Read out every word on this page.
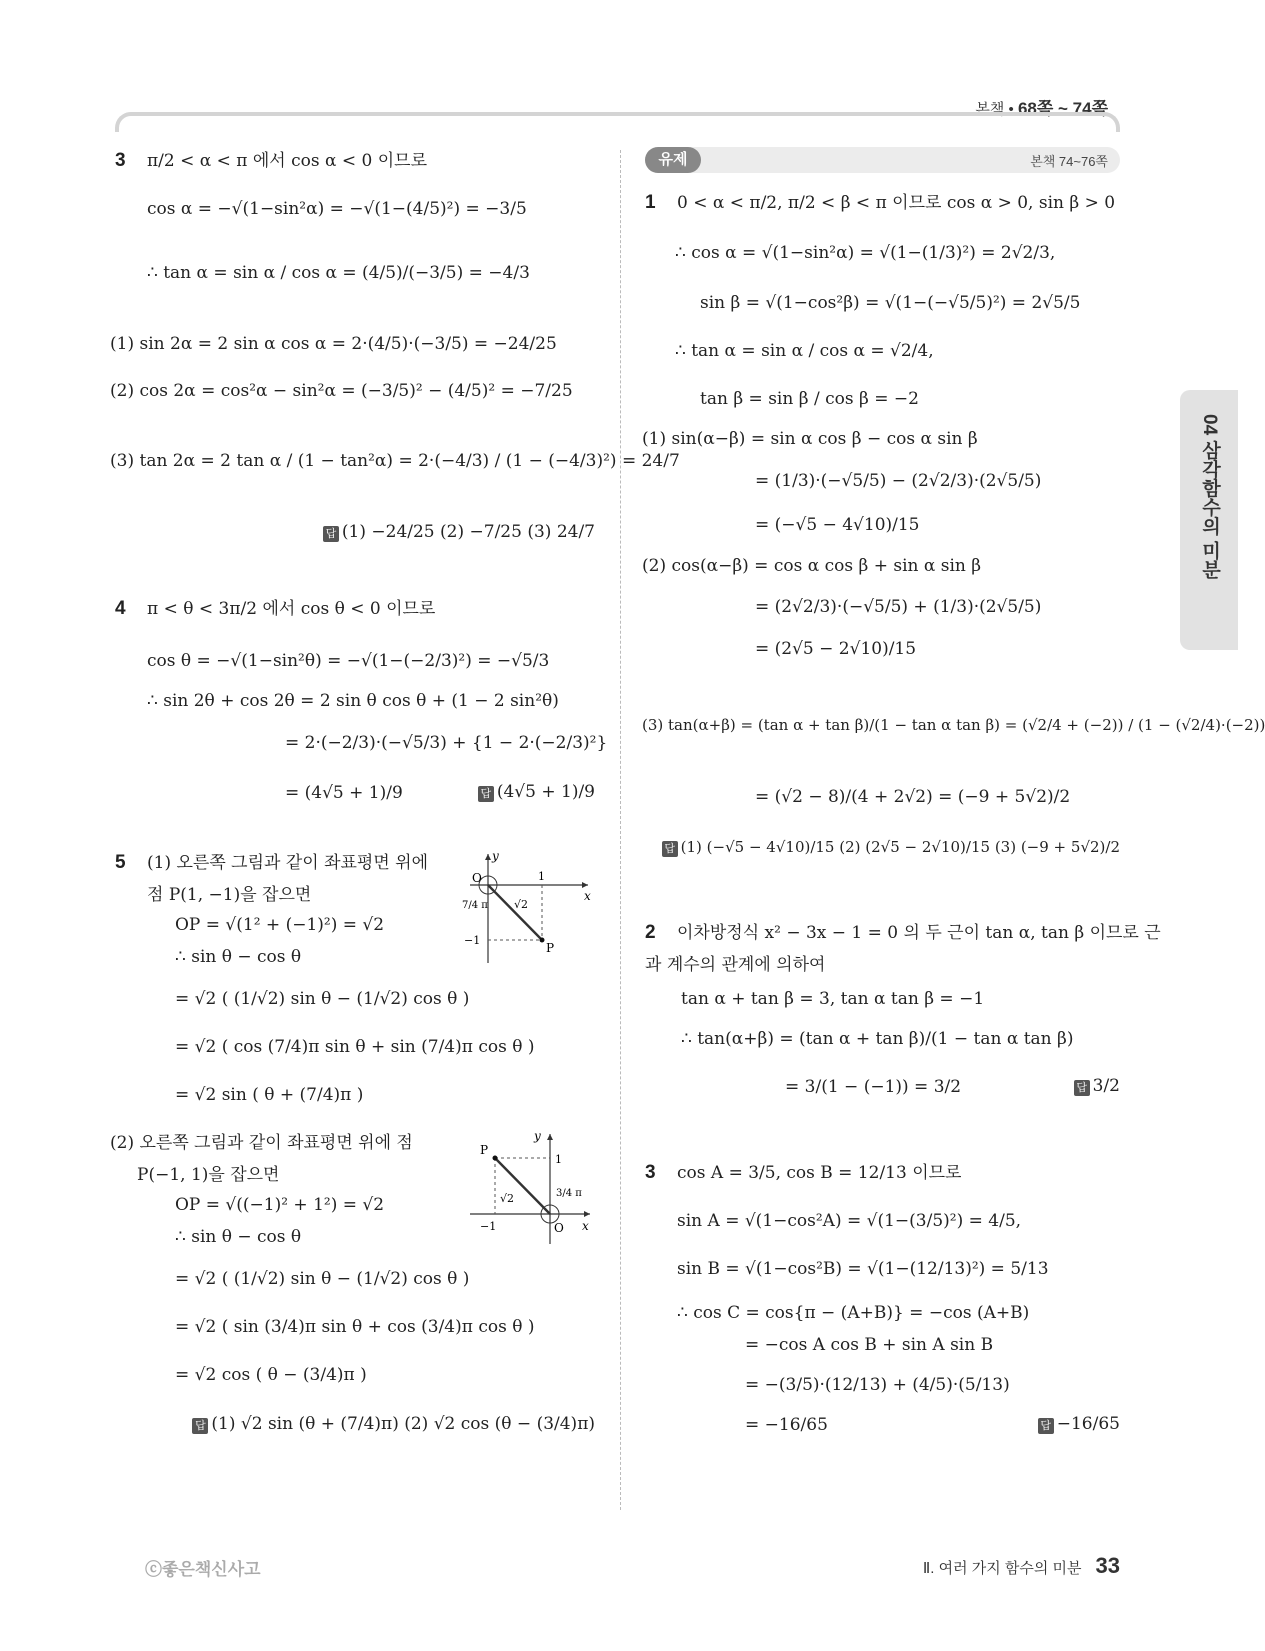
본책 • 68쪽 ~ 74쪽
3 π/2 < α < π 에서 cos α < 0 이므로
cos α = −√(1−sin²α) = −√(1−(4/5)²) = −3/5
∴ tan α = sin α / cos α = (4/5)/(−3/5) = −4/3
(1) sin 2α = 2 sin α cos α = 2·(4/5)·(−3/5) = −24/25
(2) cos 2α = cos²α − sin²α = (−3/5)² − (4/5)² = −7/25
(3) tan 2α = 2 tan α / (1 − tan²α) = 2·(−4/3) / (1 − (−4/3)²) = 24/7
답 (1) −24/25 (2) −7/25 (3) 24/7
4 π < θ < 3π/2 에서 cos θ < 0 이므로
cos θ = −√(1−sin²θ) = −√(1−(−2/3)²) = −√5/3
∴ sin 2θ + cos 2θ = 2 sin θ cos θ + (1 − 2 sin²θ)
= 2·(−2/3)·(−√5/3) + {1 − 2·(−2/3)²}
= (4√5 + 1)/9	답 (4√5 + 1)/9
5 (1) 오른쪽 그림과 같이 좌표평면 위에
점 P(1, −1)을 잡으면
OP = √(1² + (−1)²) = √2
∴ sin θ − cos θ
= √2 ( (1/√2) sin θ − (1/√2) cos θ )
= √2 ( cos (7/4)π sin θ + sin (7/4)π cos θ )
= √2 sin ( θ + (7/4)π )
(2) 오른쪽 그림과 같이 좌표평면 위에 점
P(−1, 1)을 잡으면
OP = √((−1)² + 1²) = √2
∴ sin θ − cos θ
= √2 ( (1/√2) sin θ − (1/√2) cos θ )
= √2 ( sin (3/4)π sin θ + cos (3/4)π cos θ )
= √2 cos ( θ − (3/4)π )
답 (1) √2 sin (θ + (7/4)π) (2) √2 cos (θ − (3/4)π)
y
x
O	1
−1
P
7/4 π √2
y
x
O
1
−1
P
3/4 π
√2
유제	본책 74~76쪽
1 0 < α < π/2, π/2 < β < π 이므로 cos α > 0, sin β > 0
∴ cos α = √(1−sin²α) = √(1−(1/3)²) = 2√2/3,
sin β = √(1−cos²β) = √(1−(−√5/5)²) = 2√5/5
∴ tan α = sin α / cos α = √2/4,
tan β = sin β / cos β = −2
(1) sin(α−β) = sin α cos β − cos α sin β
= (1/3)·(−√5/5) − (2√2/3)·(2√5/5)
= (−√5 − 4√10)/15
(2) cos(α−β) = cos α cos β + sin α sin β
= (2√2/3)·(−√5/5) + (1/3)·(2√5/5)
= (2√5 − 2√10)/15
(3) tan(α+β) = (tan α + tan β)/(1 − tan α tan β) = (√2/4 + (−2)) / (1 − (√2/4)·(−2))
= (√2 − 8)/(4 + 2√2) = (−9 + 5√2)/2
답 (1) (−√5 − 4√10)/15 (2) (2√5 − 2√10)/15 (3) (−9 + 5√2)/2
2 이차방정식 x² − 3x − 1 = 0 의 두 근이 tan α, tan β 이므로 근
과 계수의 관계에 의하여
tan α + tan β = 3, tan α tan β = −1
∴ tan(α+β) = (tan α + tan β)/(1 − tan α tan β)
= 3/(1 − (−1)) = 3/2	답 3/2
3 cos A = 3/5, cos B = 12/13 이므로
sin A = √(1−cos²A) = √(1−(3/5)²) = 4/5,
sin B = √(1−cos²B) = √(1−(12/13)²) = 5/13
∴ cos C = cos{π − (A+B)} = −cos (A+B)
= −cos A cos B + sin A sin B
= −(3/5)·(12/13) + (4/5)·(5/13)
= −16/65	답 −16/65
04 삼각함수의 미분
ⓒ좋은책신사고	Ⅱ. 여러 가지 함수의 미분 33
